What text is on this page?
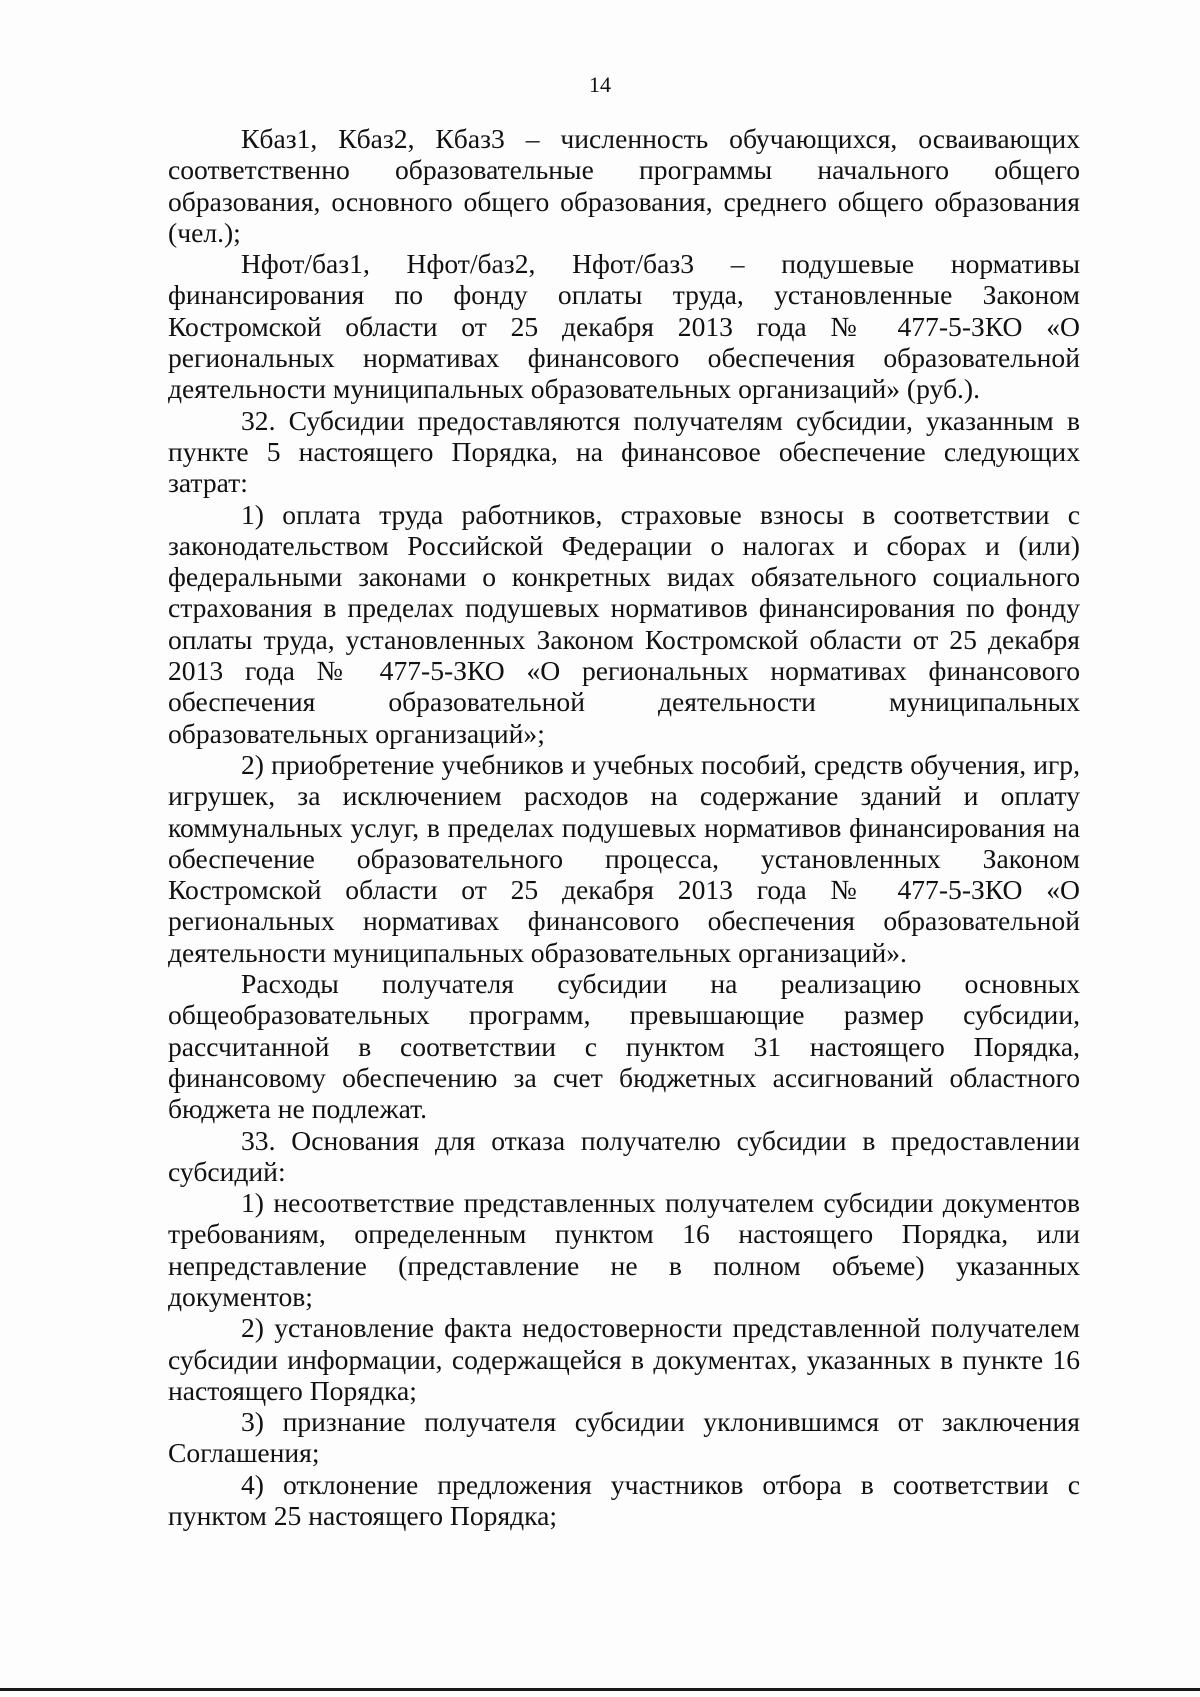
14

Кбаз1, Кбаз2, Кбаз3 – численность обучающихся, осваивающих соответственно образовательные программы начального общего образования, основного общего образования, среднего общего образования (чел.);

Нфот/баз1, Нфот/баз2, Нфот/баз3 – подушевые нормативы финансирования по фонду оплаты труда, установленные Законом Костромской области от 25 декабря 2013 года № 477-5-ЗКО «О региональных нормативах финансового обеспечения образовательной деятельности муниципальных образовательных организаций» (руб.).

32. Субсидии предоставляются получателям субсидии, указанным в пункте 5 настоящего Порядка, на финансовое обеспечение следующих затрат:

1) оплата труда работников, страховые взносы в соответствии с законодательством Российской Федерации о налогах и сборах и (или) федеральными законами о конкретных видах обязательного социального страхования в пределах подушевых нормативов финансирования по фонду оплаты труда, установленных Законом Костромской области от 25 декабря 2013 года № 477-5-ЗКО «О региональных нормативах финансового обеспечения образовательной деятельности муниципальных образовательных организаций»;

2) приобретение учебников и учебных пособий, средств обучения, игр, игрушек, за исключением расходов на содержание зданий и оплату коммунальных услуг, в пределах подушевых нормативов финансирования на обеспечение образовательного процесса, установленных Законом Костромской области от 25 декабря 2013 года № 477-5-ЗКО «О региональных нормативах финансового обеспечения образовательной деятельности муниципальных образовательных организаций».

Расходы получателя субсидии на реализацию основных общеобразовательных программ, превышающие размер субсидии, рассчитанной в соответствии с пунктом 31 настоящего Порядка, финансовому обеспечению за счет бюджетных ассигнований областного бюджета не подлежат.

33. Основания для отказа получателю субсидии в предоставлении субсидий:

1) несоответствие представленных получателем субсидии документов требованиям, определенным пунктом 16 настоящего Порядка, или непредставление (представление не в полном объеме) указанных документов;

2) установление факта недостоверности представленной получателем субсидии информации, содержащейся в документах, указанных в пункте 16 настоящего Порядка;

3) признание получателя субсидии уклонившимся от заключения Соглашения;

4) отклонение предложения участников отбора в соответствии с пунктом 25 настоящего Порядка;
